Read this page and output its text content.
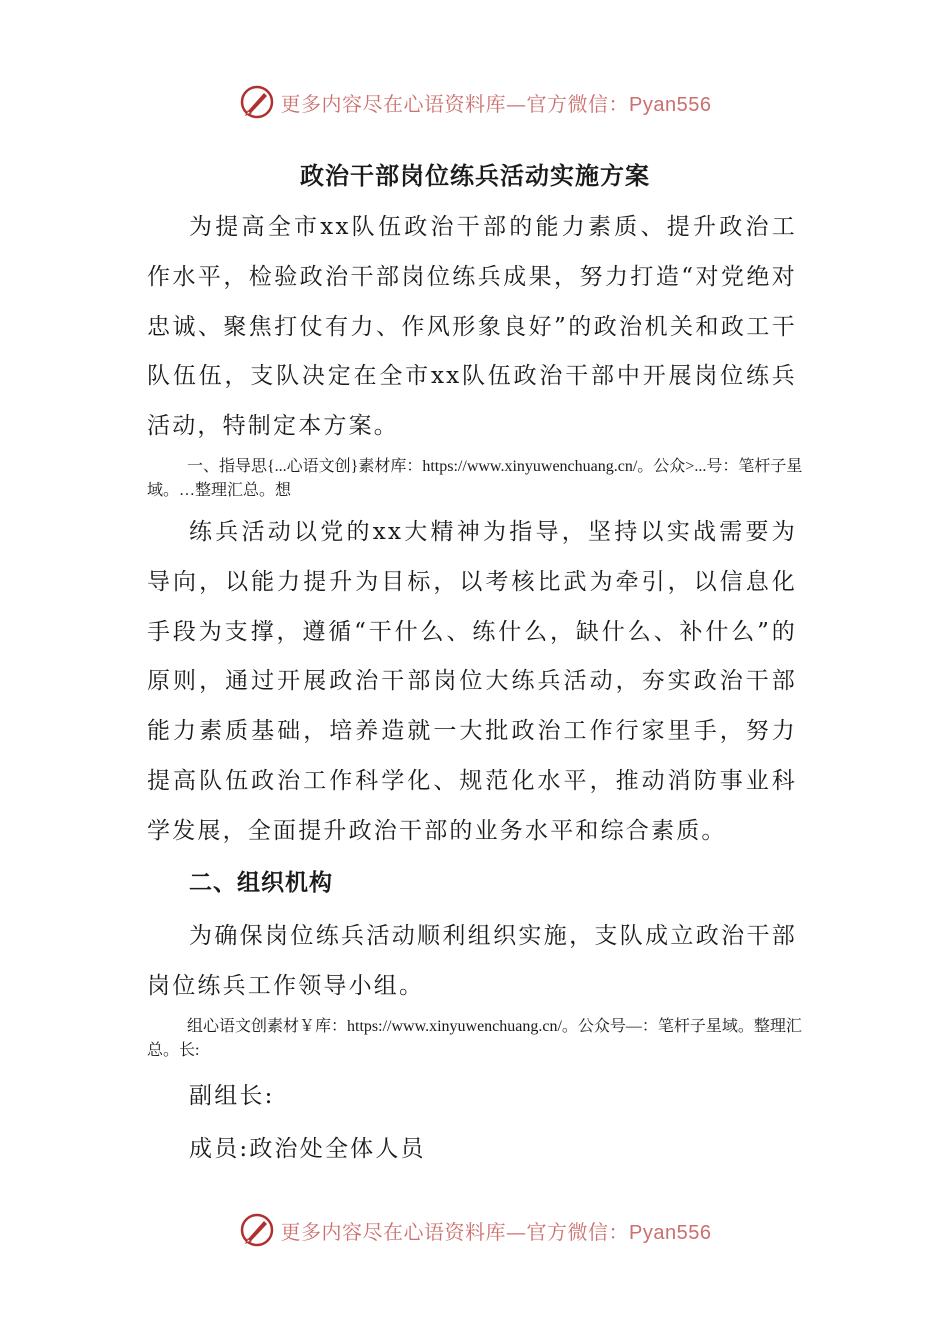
更多内容尽在心语资料库—官方微信：Pyan556
政治干部岗位练兵活动实施方案

为提高全市xx队伍政治干部的能力素质、提升政治工作水平，检验政治干部岗位练兵成果，努力打造“对党绝对忠诚、聚焦打仗有力、作风形象良好”的政治机关和政工干队伍伍，支队决定在全市xx队伍政治干部中开展岗位练兵活动，特制定本方案。

一、指导思{...心语文创}素材库：https://www.xinyuwenchuang.cn/。公众>...号：笔杆子星域。…整理汇总。想

练兵活动以党的xx大精神为指导，坚持以实战需要为导向，以能力提升为目标，以考核比武为牵引，以信息化手段为支撑，遵循“干什么、练什么，缺什么、补什么”的原则，通过开展政治干部岗位大练兵活动，夯实政治干部能力素质基础，培养造就一大批政治工作行家里手，努力提高队伍政治工作科学化、规范化水平，推动消防事业科学发展，全面提升政治干部的业务水平和综合素质。

二、组织机构

为确保岗位练兵活动顺利组织实施，支队成立政治干部岗位练兵工作领导小组。

组心语文创素材￥库：https://www.xinyuwenchuang.cn/。公众号—：笔杆子星域。整理汇总。长:

副组长:
成员:政治处全体人员
更多内容尽在心语资料库—官方微信：Pyan556
